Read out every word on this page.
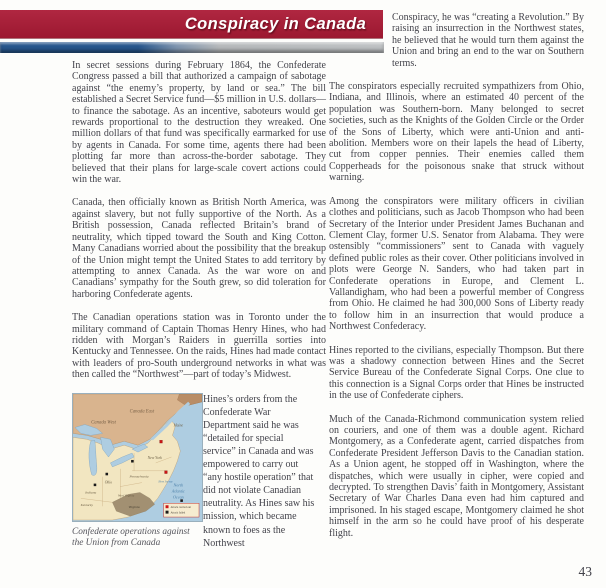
Conspiracy in Canada

In secret sessions during February 1864, the Confederate Congress passed a bill that authorized a campaign of sabotage against “the enemy’s property, by land or sea.” The bill established a Secret Service fund—$5 million in U.S. dollars—to finance the sabotage. As an incentive, saboteurs would get rewards proportional to the destruction they wreaked. One million dollars of that fund was specifically earmarked for use by agents in Canada. For some time, agents there had been plotting far more than across-the-border sabotage. They believed that their plans for large-scale covert actions could win the war.

Canada, then officially known as British North America, was against slavery, but not fully supportive of the North. As a British possession, Canada reflected Britain’s brand of neutrality, which tipped toward the South and King Cotton. Many Canadians worried about the possibility that the breakup of the Union might tempt the United States to add territory by attempting to annex Canada. As the war wore on and Canadians’ sympathy for the South grew, so did toleration for harboring Confederate agents.

The Canadian operations station was in Toronto under the military command of Captain Thomas Henry Hines, who had ridden with Morgan’s Raiders in guerrilla sorties into Kentucky and Tennessee. On the raids, Hines had made contact with leaders of pro-South underground networks in what was then called the “Northwest”—part of today’s Midwest.

Canada West
Canada East
Maine
New York
Pennsylvania
Ohio
Indiana
Kentucky
West Virginia
Virginia
New Jersey
North
Atlantic
Ocean
Attack carried out
Attack failed
Confederate operations against the Union from Canada

Hines’s orders from the Confederate War Department said he was “detailed for special service” in Canada and was empowered to carry out “any hostile operation” that did not violate Canadian neutrality. As Hines saw his mission, which became known to foes as the Northwest

Conspiracy, he was “creating a Revolution.” By raising an insurrection in the Northwest states, he believed that he would turn them against the Union and bring an end to the war on Southern terms.

The conspirators especially recruited sympathizers from Ohio, Indiana, and Illinois, where an estimated 40 percent of the population was Southern-born. Many belonged to secret societies, such as the Knights of the Golden Circle or the Order of the Sons of Liberty, which were anti-Union and anti-abolition. Members wore on their lapels the head of Liberty, cut from copper pennies. Their enemies called them Copperheads for the poisonous snake that struck without warning.

Among the conspirators were military officers in civilian clothes and politicians, such as Jacob Thompson who had been Secretary of the Interior under President James Buchanan and Clement Clay, former U.S. Senator from Alabama. They were ostensibly “commissioners” sent to Canada with vaguely defined public roles as their cover. Other politicians involved in plots were George N. Sanders, who had taken part in Confederate operations in Europe, and Clement L. Vallandigham, who had been a powerful member of Congress from Ohio. He claimed he had 300,000 Sons of Liberty ready to follow him in an insurrection that would produce a Northwest Confederacy.

Hines reported to the civilians, especially Thompson. But there was a shadowy connection between Hines and the Secret Service Bureau of the Confederate Signal Corps. One clue to this connection is a Signal Corps order that Hines be instructed in the use of Confederate ciphers.

Much of the Canada-Richmond communication system relied on couriers, and one of them was a double agent. Richard Montgomery, as a Confederate agent, carried dispatches from Confederate President Jefferson Davis to the Canadian station. As a Union agent, he stopped off in Washington, where the dispatches, which were usually in cipher, were copied and decrypted. To strengthen Davis’ faith in Montgomery, Assistant Secretary of War Charles Dana even had him captured and imprisoned. In his staged escape, Montgomery claimed he shot himself in the arm so he could have proof of his desperate flight.

43
